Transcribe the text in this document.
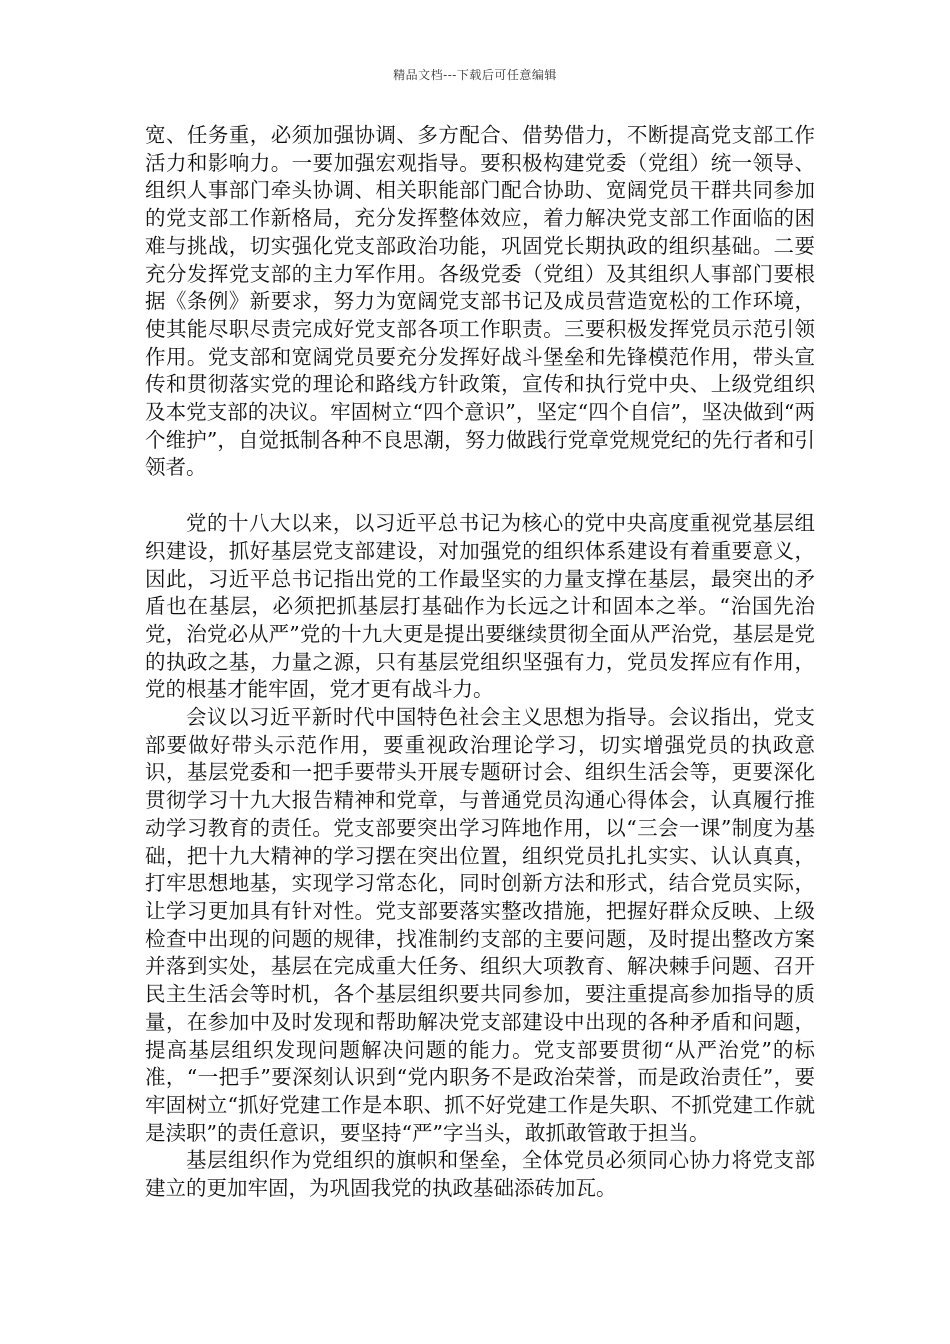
精品文档---下载后可任意编辑

宽、任务重，必须加强协调、多方配合、借势借力，不断提高党支部工作活力和影响力。一要加强宏观指导。要积极构建党委（党组）统一领导、组织人事部门牵头协调、相关职能部门配合协助、宽阔党员干群共同参加的党支部工作新格局，充分发挥整体效应，着力解决党支部工作面临的困难与挑战，切实强化党支部政治功能，巩固党长期执政的组织基础。二要充分发挥党支部的主力军作用。各级党委（党组）及其组织人事部门要根据《条例》新要求，努力为宽阔党支部书记及成员营造宽松的工作环境，使其能尽职尽责完成好党支部各项工作职责。三要积极发挥党员示范引领作用。党支部和宽阔党员要充分发挥好战斗堡垒和先锋模范作用，带头宣传和贯彻落实党的理论和路线方针政策，宣传和执行党中央、上级党组织及本党支部的决议。牢固树立“四个意识”，坚定“四个自信”，坚决做到“两个维护”，自觉抵制各种不良思潮，努力做践行党章党规党纪的先行者和引领者。

党的十八大以来，以习近平总书记为核心的党中央高度重视党基层组织建设，抓好基层党支部建设，对加强党的组织体系建设有着重要意义，因此，习近平总书记指出党的工作最坚实的力量支撑在基层，最突出的矛盾也在基层，必须把抓基层打基础作为长远之计和固本之举。“治国先治党，治党必从严”党的十九大更是提出要继续贯彻全面从严治党，基层是党的执政之基，力量之源，只有基层党组织坚强有力，党员发挥应有作用，党的根基才能牢固，党才更有战斗力。

会议以习近平新时代中国特色社会主义思想为指导。会议指出，党支部要做好带头示范作用，要重视政治理论学习，切实增强党员的执政意识，基层党委和一把手要带头开展专题研讨会、组织生活会等，更要深化贯彻学习十九大报告精神和党章，与普通党员沟通心得体会，认真履行推动学习教育的责任。党支部要突出学习阵地作用，以“三会一课”制度为基础，把十九大精神的学习摆在突出位置，组织党员扎扎实实、认认真真，打牢思想地基，实现学习常态化，同时创新方法和形式，结合党员实际，让学习更加具有针对性。党支部要落实整改措施，把握好群众反映、上级检查中出现的问题的规律，找准制约支部的主要问题，及时提出整改方案并落到实处，基层在完成重大任务、组织大项教育、解决棘手问题、召开民主生活会等时机，各个基层组织要共同参加，要注重提高参加指导的质量，在参加中及时发现和帮助解决党支部建设中出现的各种矛盾和问题，提高基层组织发现问题解决问题的能力。党支部要贯彻“从严治党”的标准，“一把手”要深刻认识到“党内职务不是政治荣誉，而是政治责任”，要牢固树立“抓好党建工作是本职、抓不好党建工作是失职、不抓党建工作就是渎职”的责任意识，要坚持“严”字当头，敢抓敢管敢于担当。

基层组织作为党组织的旗帜和堡垒，全体党员必须同心协力将党支部建立的更加牢固，为巩固我党的执政基础添砖加瓦。
